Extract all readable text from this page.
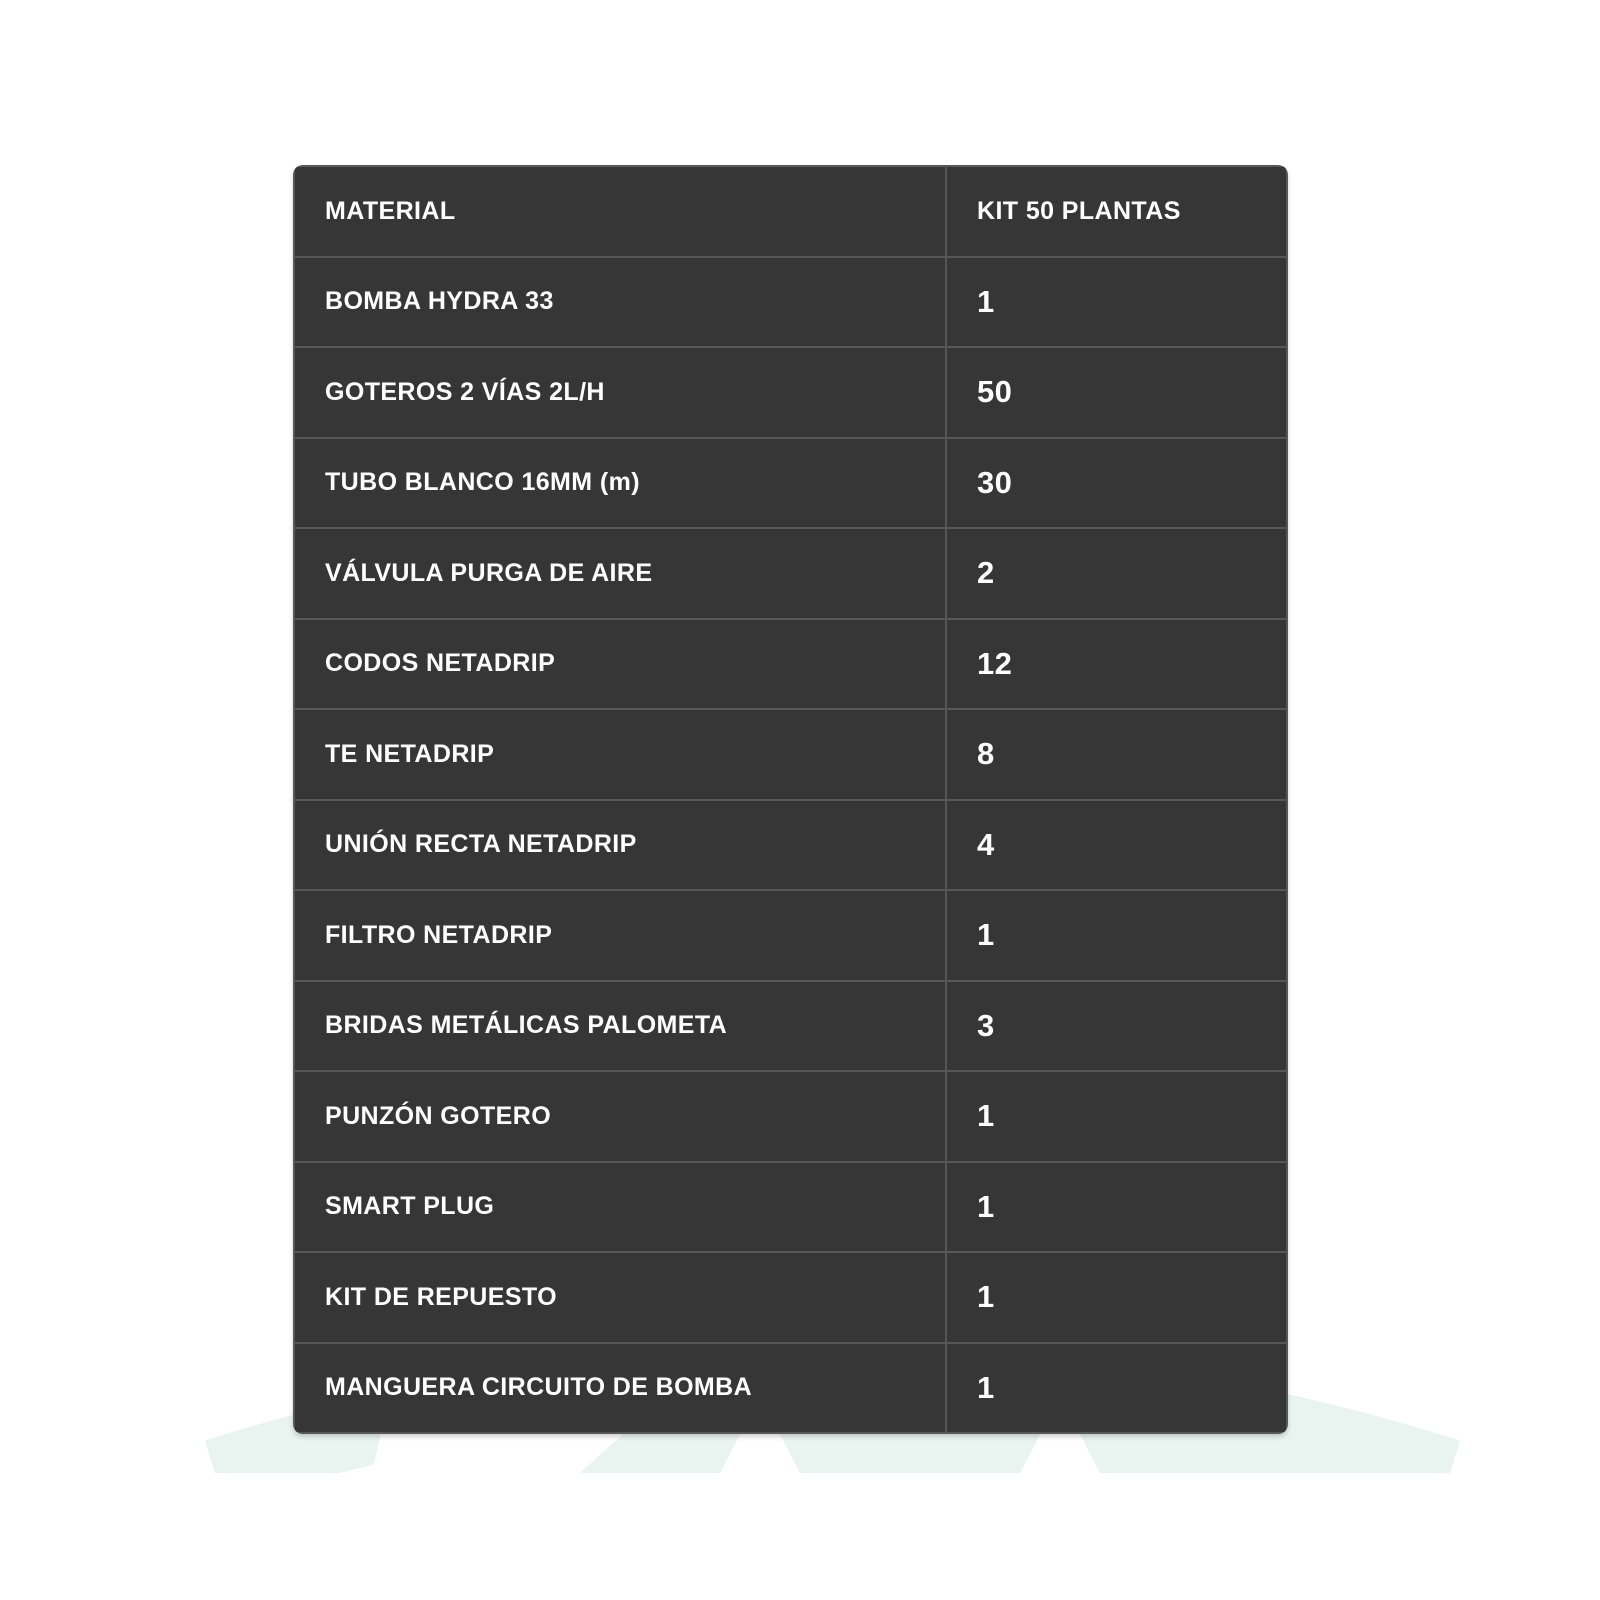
MATERIAL	KIT 50 PLANTAS
BOMBA HYDRA 33	1
GOTEROS 2 VÍAS 2L/H	50
TUBO BLANCO 16MM (m)	30
VÁLVULA PURGA DE AIRE	2
CODOS NETADRIP	12
TE NETADRIP	8
UNIÓN RECTA NETADRIP	4
FILTRO NETADRIP	1
BRIDAS METÁLICAS PALOMETA	3
PUNZÓN GOTERO	1
SMART PLUG	1
KIT DE REPUESTO	1
MANGUERA CIRCUITO DE BOMBA	1
